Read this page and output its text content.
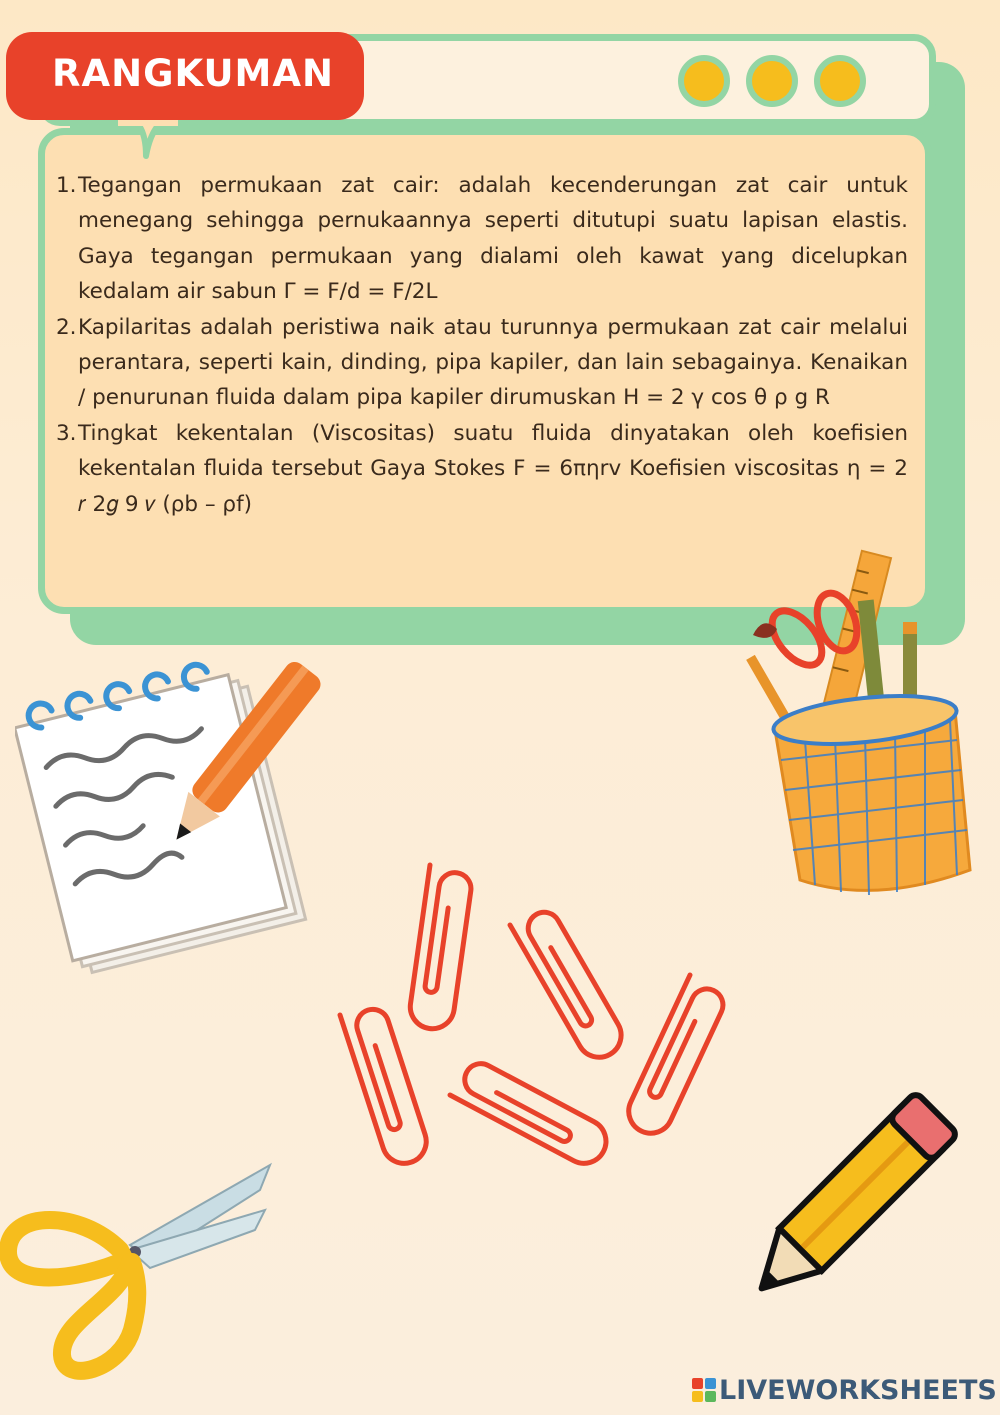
RANGKUMAN
1. Tegangan permukaan zat cair: adalah kecenderungan zat cair untuk menegang sehingga pernukaannya seperti ditutupi suatu lapisan elastis. Gaya tegangan permukaan yang dialami oleh kawat yang dicelupkan kedalam air sabun Γ = F/d = F/2L
2. Kapilaritas adalah peristiwa naik atau turunnya permukaan zat cair melalui perantara, seperti kain, dinding, pipa kapiler, dan lain sebagainya. Kenaikan / penurunan fluida dalam pipa kapiler dirumuskan H = 2 γ cos θ ρ g R
3. Tingkat kekentalan (Viscositas) suatu fluida dinyatakan oleh koefisien kekentalan fluida tersebut Gaya Stokes F = 6πηrv Koefisien viscositas η = 2 𝑟 2𝑔 9 𝑣 (ρb – ρf)
LIVEWORKSHEETS
